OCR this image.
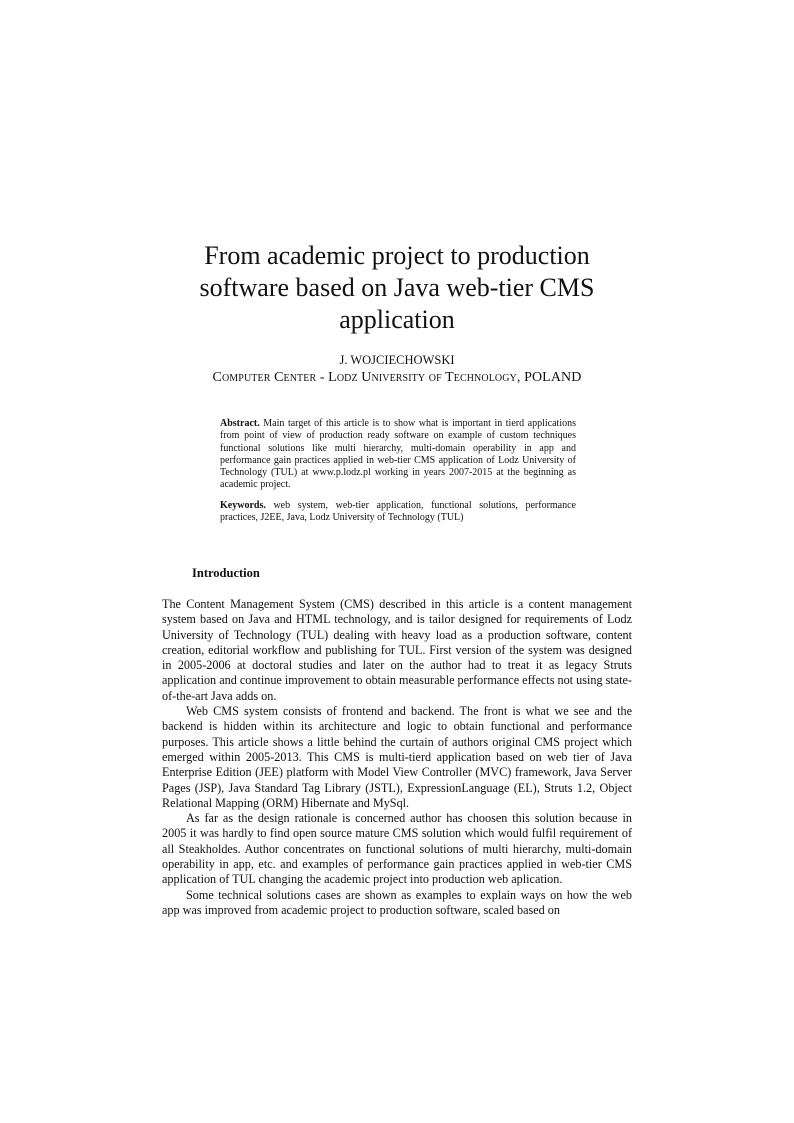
From academic project to production
software based on Java web-tier CMS
application
J. WOJCIECHOWSKI
Computer Center - Lodz University of Technology, POLAND

Abstract. Main target of this article is to show what is important in tierd applications from point of view of production ready software on example of custom techniques functional solutions like multi hierarchy, multi-domain operability in app and performance gain practices applied in web-tier CMS application of Lodz University of Technology (TUL) at www.p.lodz.pl working in years 2007-2015 at the beginning as academic project.

Keywords. web system, web-tier application, functional solutions, performance practices, J2EE, Java, Lodz University of Technology (TUL)

Introduction

The Content Management System (CMS) described in this article is a content management system based on Java and HTML technology, and is tailor designed for requirements of Lodz University of Technology (TUL) dealing with heavy load as a production software, content creation, editorial workflow and publishing for TUL. First version of the system was designed in 2005-2006 at doctoral studies and later on the author had to treat it as legacy Struts application and continue improvement to obtain measurable performance effects not using state-of-the-art Java adds on.

Web CMS system consists of frontend and backend. The front is what we see and the backend is hidden within its architecture and logic to obtain functional and performance purposes. This article shows a little behind the curtain of authors original CMS project which emerged within 2005-2013. This CMS is multi-tierd application based on web tier of Java Enterprise Edition (JEE) platform with Model View Controller (MVC) framework, Java Server Pages (JSP), Java Standard Tag Library (JSTL), ExpressionLanguage (EL), Struts 1.2, Object Relational Mapping (ORM) Hibernate and MySql.

As far as the design rationale is concerned author has choosen this solution because in 2005 it was hardly to find open source mature CMS solution which would fulfil requirement of all Steakholdes. Author concentrates on functional solutions of multi hierarchy, multi-domain operability in app, etc. and examples of performance gain practices applied in web-tier CMS application of TUL changing the academic project into production web aplication.

Some technical solutions cases are shown as examples to explain ways on how the web app was improved from academic project to production software, scaled based on
